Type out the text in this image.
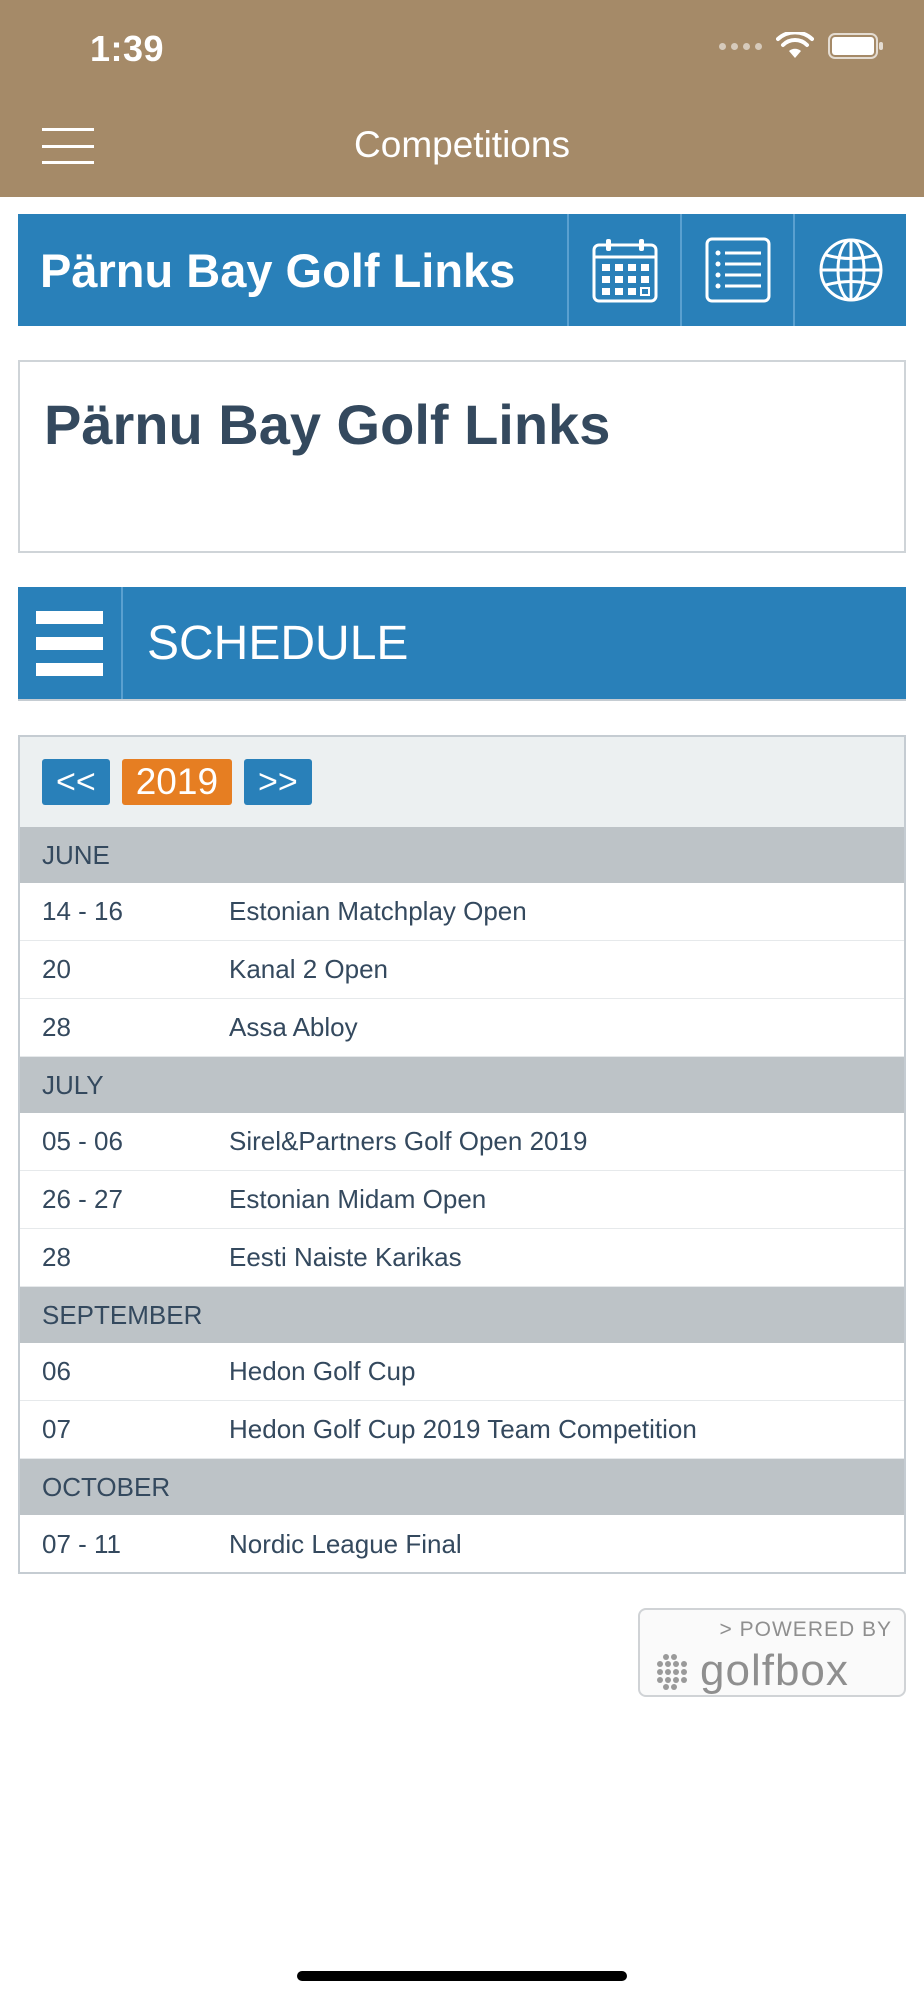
1:39
Competitions
Pärnu Bay Golf Links
Pärnu Bay Golf Links
SCHEDULE
<<	2019	>>
JUNE
14 - 16	Estonian Matchplay Open
20	Kanal 2 Open
28	Assa Abloy
JULY
05 - 06	Sirel&Partners Golf Open 2019
26 - 27	Estonian Midam Open
28	Eesti Naiste Karikas
SEPTEMBER
06	Hedon Golf Cup
07	Hedon Golf Cup 2019 Team Competition
OCTOBER
07 - 11	Nordic League Final
> POWERED BY
golfbox
